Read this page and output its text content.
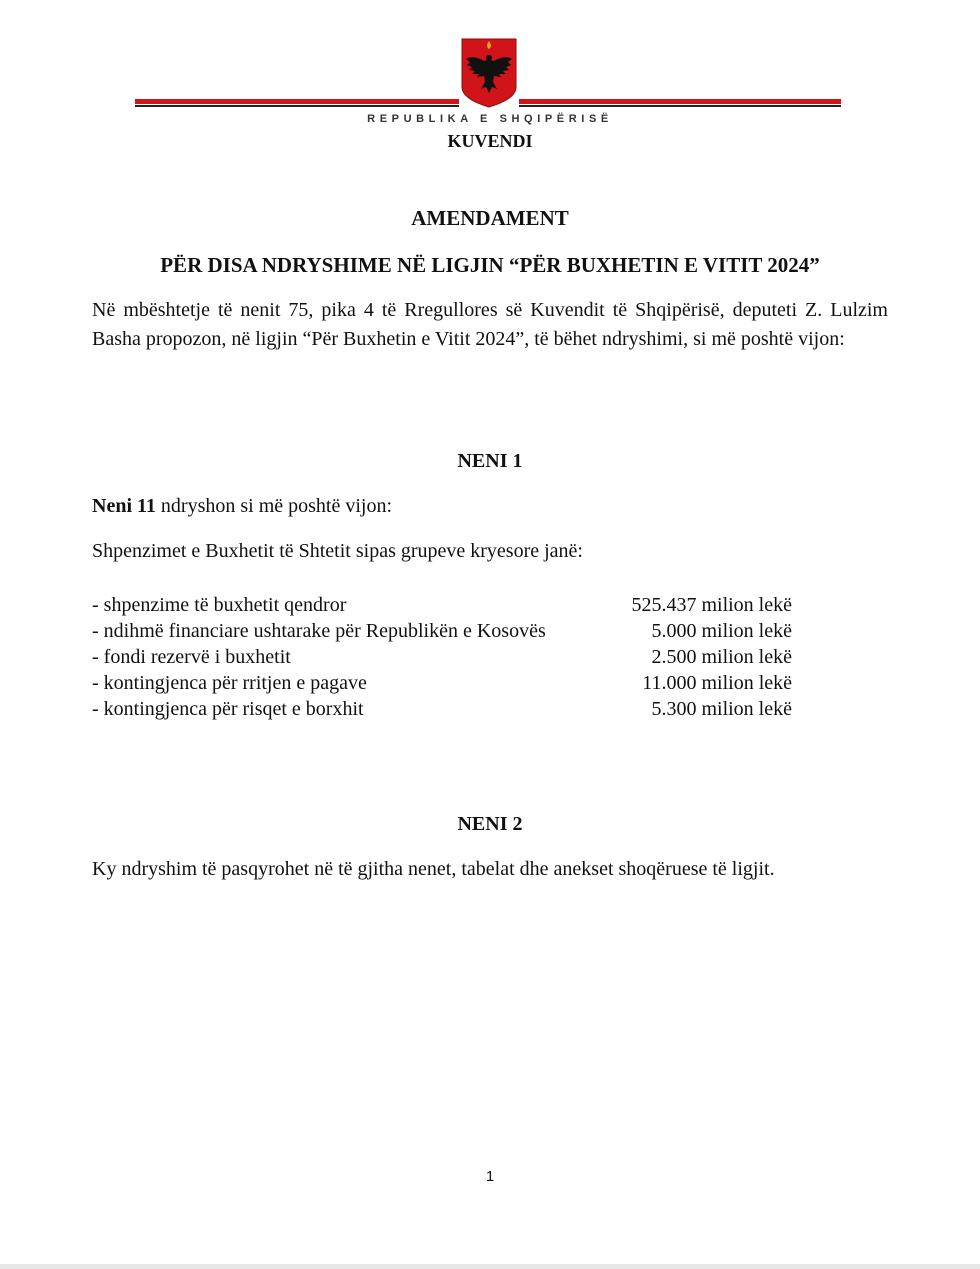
REPUBLIKA E SHQIPËRISË
KUVENDI
AMENDAMENT
PËR DISA NDRYSHIME NË LIGJIN “PËR BUXHETIN E VITIT 2024”
Në mbështetje të nenit 75, pika 4 të Rregullores së Kuvendit të Shqipërisë, deputeti Z. Lulzim Basha propozon, në ligjin “Për Buxhetin e Vitit 2024”, të bëhet ndryshimi, si më poshtë vijon:
NENI 1
Neni 11 ndryshon si më poshtë vijon:
Shpenzimet e Buxhetit të Shtetit sipas grupeve kryesore janë:
- shpenzime të buxhetit qendror	525.437 milion lekë
- ndihmë financiare ushtarake për Republikën e Kosovës	5.000 milion lekë
- fondi rezervë i buxhetit	2.500 milion lekë
- kontingjenca për rritjen e pagave	11.000 milion lekë
- kontingjenca për risqet e borxhit	5.300 milion lekë
NENI 2
Ky ndryshim të pasqyrohet në të gjitha nenet, tabelat dhe anekset shoqëruese të ligjit.
1
